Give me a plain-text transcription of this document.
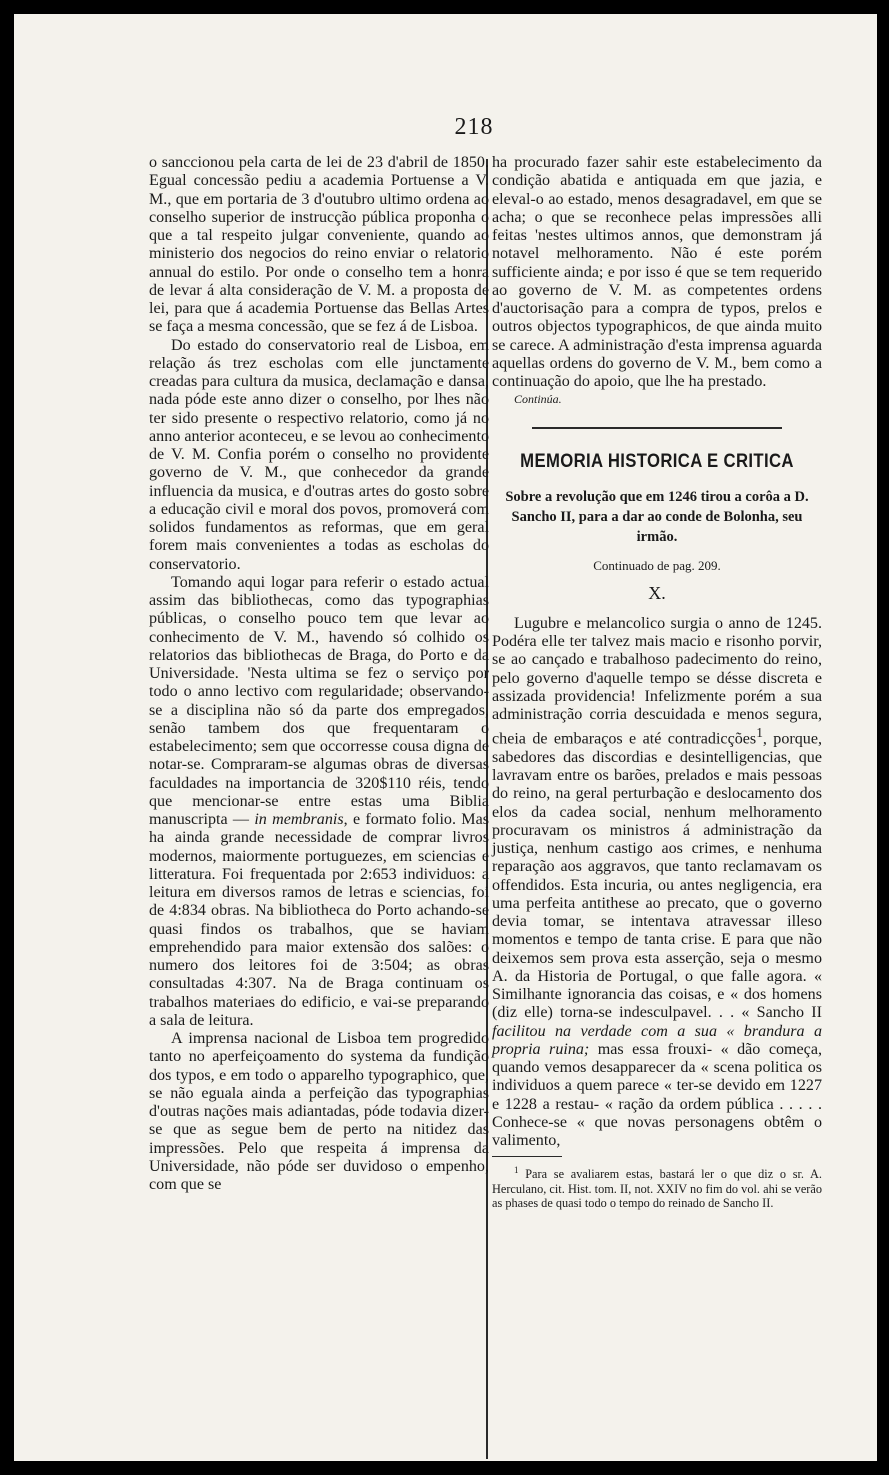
218

o sanccionou pela carta de lei de 23 d'abril de 1850. Egual concessão pediu a academia Portuense a V. M., que em portaria de 3 d'outubro ultimo ordena ao conselho superior de instrucção pública proponha o que a tal respeito julgar conveniente, quando ao ministerio dos negocios do reino enviar o relatorio annual do estilo. Por onde o conselho tem a honra de levar á alta consideração de V. M. a proposta de lei, para que á academia Portuense das Bellas Artes se faça a mesma concessão, que se fez á de Lisboa.

Do estado do conservatorio real de Lisboa, em relação ás trez escholas com elle junctamente creadas para cultura da musica, declamação e dansa, nada póde este anno dizer o conselho, por lhes não ter sido presente o respectivo relatorio, como já no anno anterior aconteceu, e se levou ao conhecimento de V. M. Confia porém o conselho no providente governo de V. M., que conhecedor da grande influencia da musica, e d'outras artes do gosto sobre a educação civil e moral dos povos, promoverá com solidos fundamentos as reformas, que em geral forem mais convenientes a todas as escholas do conservatorio.

Tomando aqui logar para referir o estado actual assim das bibliothecas, como das typographias públicas, o conselho pouco tem que levar ao conhecimento de V. M., havendo só colhido os relatorios das bibliothecas de Braga, do Porto e da Universidade. 'Nesta ultima se fez o serviço por todo o anno lectivo com regularidade; observando-se a disciplina não só da parte dos empregados, senão tambem dos que frequentaram o estabelecimento; sem que occorresse cousa digna de notar-se. Compraram-se algumas obras de diversas faculdades na importancia de 320$110 réis, tendo que mencionar-se entre estas uma Biblia manuscripta — in membranis, e formato folio. Mas ha ainda grande necessidade de comprar livros modernos, maiormente portuguezes, em sciencias e litteratura. Foi frequentada por 2:653 individuos: a leitura em diversos ramos de letras e sciencias, foi de 4:834 obras. Na bibliotheca do Porto achando-se quasi findos os trabalhos, que se haviam emprehendido para maior extensão dos salões: o numero dos leitores foi de 3:504; as obras consultadas 4:307. Na de Braga continuam os trabalhos materiaes do edificio, e vai-se preparando a sala de leitura.

A imprensa nacional de Lisboa tem progredido tanto no aperfeiçoamento do systema da fundição dos typos, e em todo o apparelho typographico, que, se não eguala ainda a perfeição das typographias d'outras nações mais adiantadas, póde todavia dizer-se que as segue bem de perto na nitidez das impressões. Pelo que respeita á imprensa da Universidade, não póde ser duvidoso o empenho, com que se

ha procurado fazer sahir este estabelecimento da condição abatida e antiquada em que jazia, e eleval-o ao estado, menos desagradavel, em que se acha; o que se reconhece pelas impressões alli feitas 'nestes ultimos annos, que demonstram já notavel melhoramento. Não é este porém sufficiente ainda; e por isso é que se tem requerido ao governo de V. M. as competentes ordens d'auctorisação para a compra de typos, prelos e outros objectos typographicos, de que ainda muito se carece. A administração d'esta imprensa aguarda aquellas ordens do governo de V. M., bem como a continuação do apoio, que lhe ha prestado.

Continúa.

MEMORIA HISTORICA E CRITICA
Sobre a revolução que em 1246 tirou a corôa a D. Sancho II, para a dar ao conde de Bolonha, seu irmão.
Continuado de pag. 209.
X.

Lugubre e melancolico surgia o anno de 1245. Podéra elle ter talvez mais macio e risonho porvir, se ao cançado e trabalhoso padecimento do reino, pelo governo d'aquelle tempo se désse discreta e assizada providencia! Infelizmente porém a sua administração corria descuidada e menos segura, cheia de embaraços e até contradicções$^1$, porque, sabedores das discordias e desintelligencias, que lavravam entre os barões, prelados e mais pessoas do reino, na geral perturbação e deslocamento dos elos da cadea social, nenhum melhoramento procuravam os ministros á administração da justiça, nenhum castigo aos crimes, e nenhuma reparação aos aggravos, que tanto reclamavam os offendidos. Esta incuria, ou antes negligencia, era uma perfeita antithese ao precato, que o governo devia tomar, se intentava atravessar illeso momentos e tempo de tanta crise. E para que não deixemos sem prova esta asserção, seja o mesmo A. da Historia de Portugal, o que falle agora. « Similhante ignorancia das coisas, e « dos homens (diz elle) torna-se indesculpavel. . . « Sancho II facilitou na verdade com a sua « brandura a propria ruina; mas essa frouxi- « dão começa, quando vemos desapparecer da « scena politica os individuos a quem parece « ter-se devido em 1227 e 1228 a restau- « ração da ordem pública . . . . . Conhece-se « que novas personagens obtêm o valimento,

$^1$ Para se avaliarem estas, bastará ler o que diz o sr. A. Herculano, cit. Hist. tom. II, not. XXIV no fim do vol. ahi se verão as phases de quasi todo o tempo do reinado de Sancho II.
